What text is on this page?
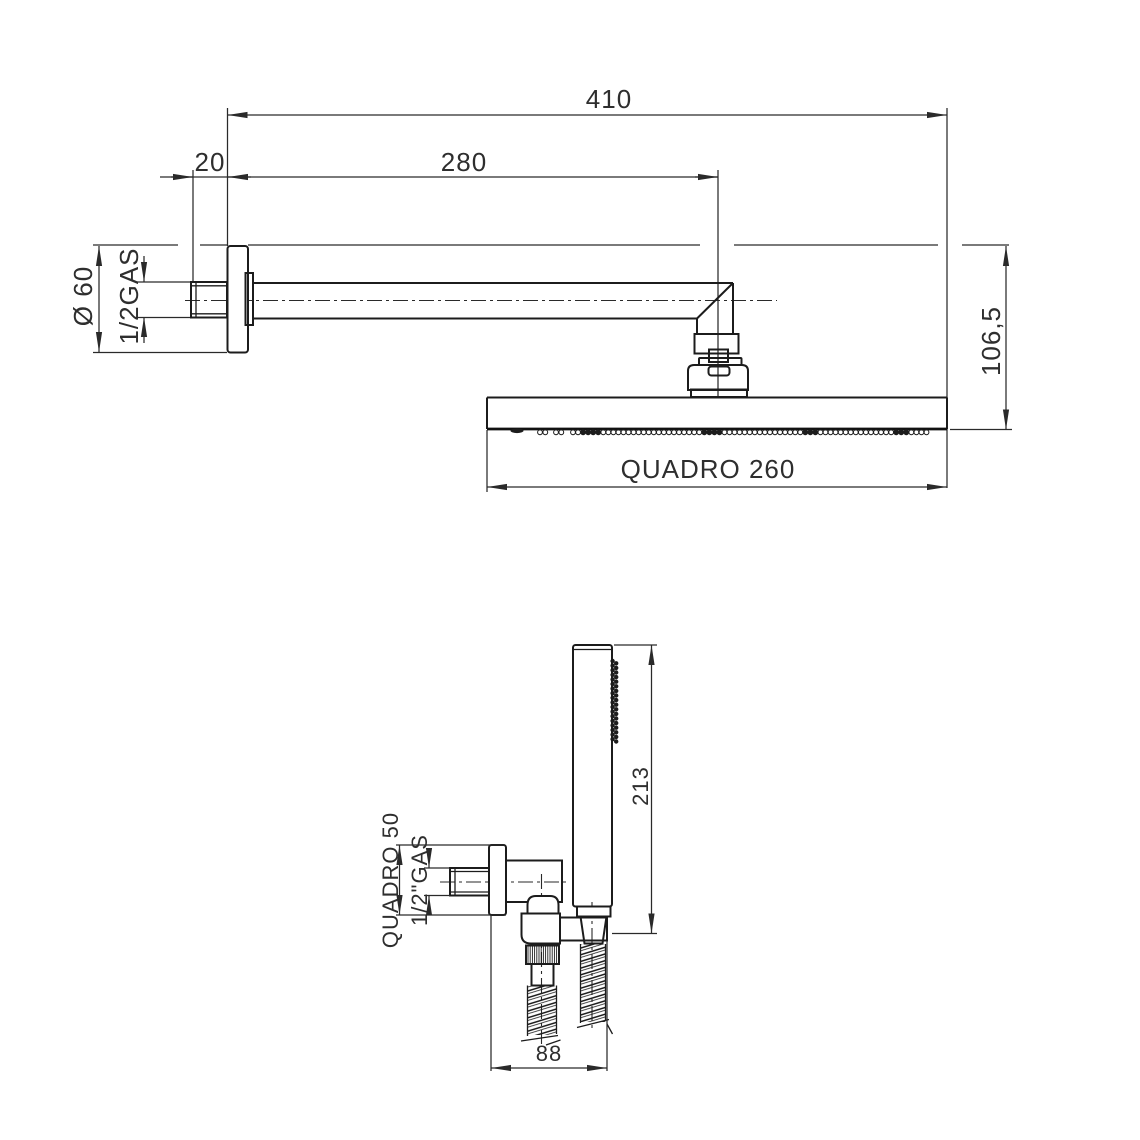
410
280
20
Ø 60 1/2GAS	106,5
QUADRO 260
213
QUADRO 50 1/2"GAS
88
